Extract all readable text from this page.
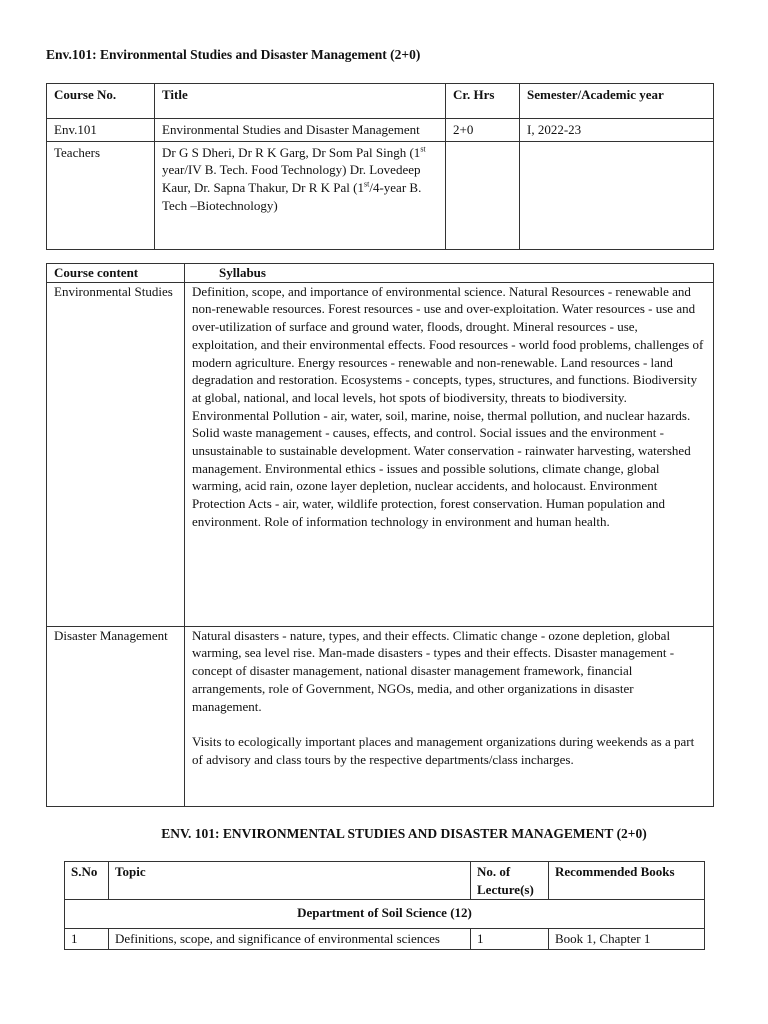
Env.101: Environmental Studies and Disaster Management (2+0)
Course No.	Title	Cr. Hrs	Semester/Academic year
Env.101	Environmental Studies and Disaster Management	2+0	I, 2022-23
Teachers	Dr G S Dheri, Dr R K Garg, Dr Som Pal Singh (1st year/IV B. Tech. Food Technology) Dr. Lovedeep Kaur, Dr. Sapna Thakur, Dr R K Pal (1st/4-year B. Tech –Biotechnology)		
Course content	Syllabus
Environmental Studies	Definition, scope, and importance of environmental science. Natural Resources - renewable and non-renewable resources. Forest resources - use and over-exploitation. Water resources - use and over-utilization of surface and ground water, floods, drought. Mineral resources - use, exploitation, and their environmental effects. Food resources - world food problems, challenges of modern agriculture. Energy resources - renewable and non-renewable. Land resources - land degradation and restoration. Ecosystems - concepts, types, structures, and functions. Biodiversity at global, national, and local levels, hot spots of biodiversity, threats to biodiversity. Environmental Pollution - air, water, soil, marine, noise, thermal pollution, and nuclear hazards. Solid waste management - causes, effects, and control. Social issues and the environment - unsustainable to sustainable development. Water conservation - rainwater harvesting, watershed management. Environmental ethics - issues and possible solutions, climate change, global warming, acid rain, ozone layer depletion, nuclear accidents, and holocaust. Environment Protection Acts - air, water, wildlife protection, forest conservation. Human population and environment. Role of information technology in environment and human health.
Disaster Management	Natural disasters - nature, types, and their effects. Climatic change - ozone depletion, global warming, sea level rise. Man-made disasters - types and their effects. Disaster management - concept of disaster management, national disaster management framework, financial arrangements, role of Government, NGOs, media, and other organizations in disaster management.
Visits to ecologically important places and management organizations during weekends as a part of advisory and class tours by the respective departments/class incharges.
ENV. 101: ENVIRONMENTAL STUDIES AND DISASTER MANAGEMENT (2+0)
S.No	Topic	No. of Lecture(s)	Recommended Books
Department of Soil Science (12)			
1	Definitions, scope, and significance of environmental sciences	1	Book 1, Chapter 1
